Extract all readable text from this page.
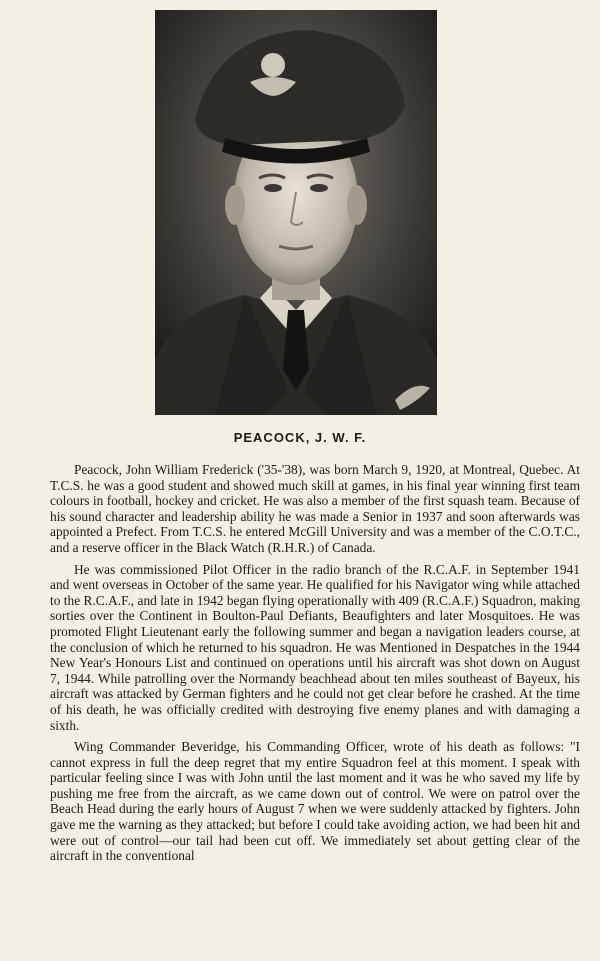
PEACOCK, J. W. F.

Peacock, John William Frederick ('35-'38), was born March 9, 1920, at Montreal, Quebec. At T.C.S. he was a good student and showed much skill at games, in his final year winning first team colours in football, hockey and cricket. He was also a member of the first squash team. Because of his sound character and leadership ability he was made a Senior in 1937 and soon afterwards was appointed a Prefect. From T.C.S. he entered McGill University and was a member of the C.O.T.C., and a reserve officer in the Black Watch (R.H.R.) of Canada.

He was commissioned Pilot Officer in the radio branch of the R.C.A.F. in September 1941 and went overseas in October of the same year. He qualified for his Navigator wing while attached to the R.C.A.F., and late in 1942 began flying operationally with 409 (R.C.A.F.) Squadron, making sorties over the Continent in Boulton-Paul Defiants, Beaufighters and later Mosquitoes. He was promoted Flight Lieutenant early the following summer and began a navigation leaders course, at the conclusion of which he returned to his squadron. He was Mentioned in Despatches in the 1944 New Year's Honours List and continued on operations until his aircraft was shot down on August 7, 1944. While patrolling over the Normandy beachhead about ten miles southeast of Bayeux, his aircraft was attacked by German fighters and he could not get clear before he crashed. At the time of his death, he was officially credited with destroying five enemy planes and with damaging a sixth.

Wing Commander Beveridge, his Commanding Officer, wrote of his death as follows: "I cannot express in full the deep regret that my entire Squadron feel at this moment. I speak with particular feeling since I was with John until the last moment and it was he who saved my life by pushing me free from the aircraft, as we came down out of control. We were on patrol over the Beach Head during the early hours of August 7 when we were suddenly attacked by fighters. John gave me the warning as they attacked; but before I could take avoiding action, we had been hit and were out of control—our tail had been cut off. We immediately set about getting clear of the aircraft in the conventional
